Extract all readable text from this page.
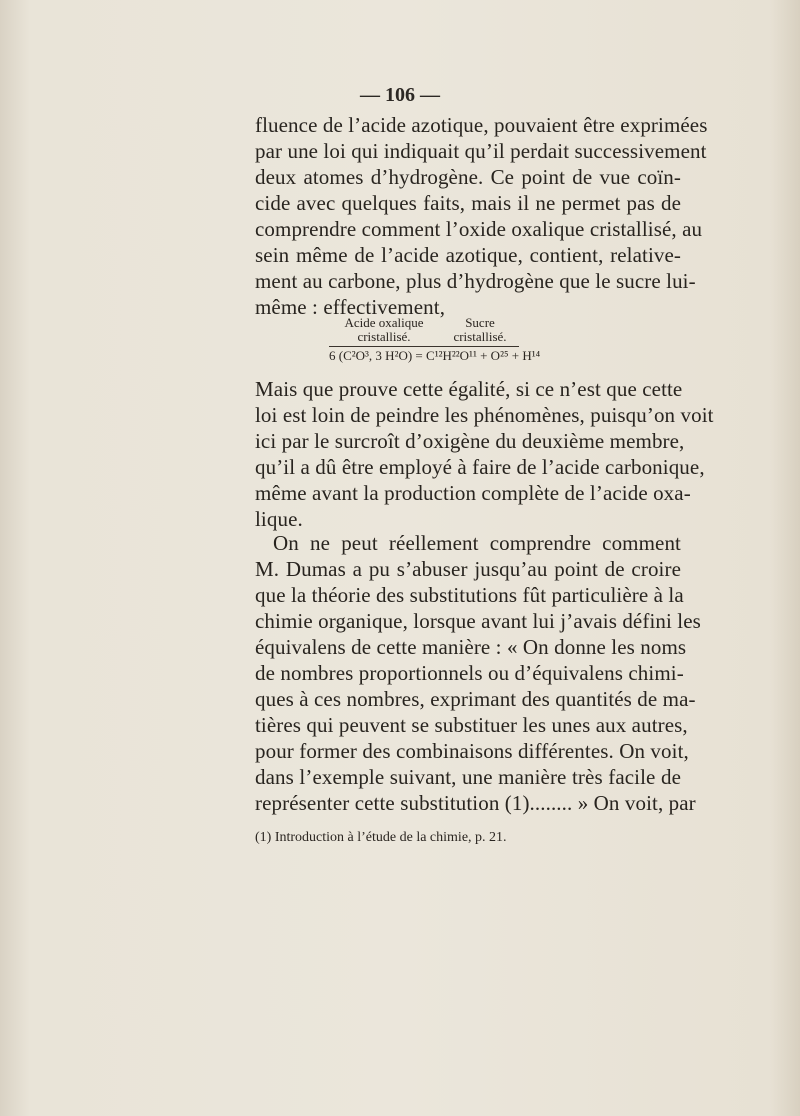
— 106 —
fluence de l’acide azotique, pouvaient être exprimées
par une loi qui indiquait qu’il perdait successivement
deux atomes d’hydrogène. Ce point de vue coïn-
cide avec quelques faits, mais il ne permet pas de
comprendre comment l’oxide oxalique cristallisé, au
sein même de l’acide azotique, contient, relative-
ment au carbone, plus d’hydrogène que le sucre lui-
même : effectivement,
Acide oxalique cristallisé.
Sucre cristallisé.
6 (C²O³, 3 H²O) = C¹²H²²O¹¹ + O²⁵ + H¹⁴
Mais que prouve cette égalité, si ce n’est que cette
loi est loin de peindre les phénomènes, puisqu’on voit
ici par le surcroît d’oxigène du deuxième membre,
qu’il a dû être employé à faire de l’acide carbonique,
même avant la production complète de l’acide oxa-
lique.
On ne peut réellement comprendre comment
M. Dumas a pu s’abuser jusqu’au point de croire
que la théorie des substitutions fût particulière à la
chimie organique, lorsque avant lui j’avais défini les
équivalens de cette manière : « On donne les noms
de nombres proportionnels ou d’équivalens chimi-
ques à ces nombres, exprimant des quantités de ma-
tières qui peuvent se substituer les unes aux autres,
pour former des combinaisons différentes. On voit,
dans l’exemple suivant, une manière très facile de
représenter cette substitution (1)........ » On voit, par
(1) Introduction à l’étude de la chimie, p. 21.
